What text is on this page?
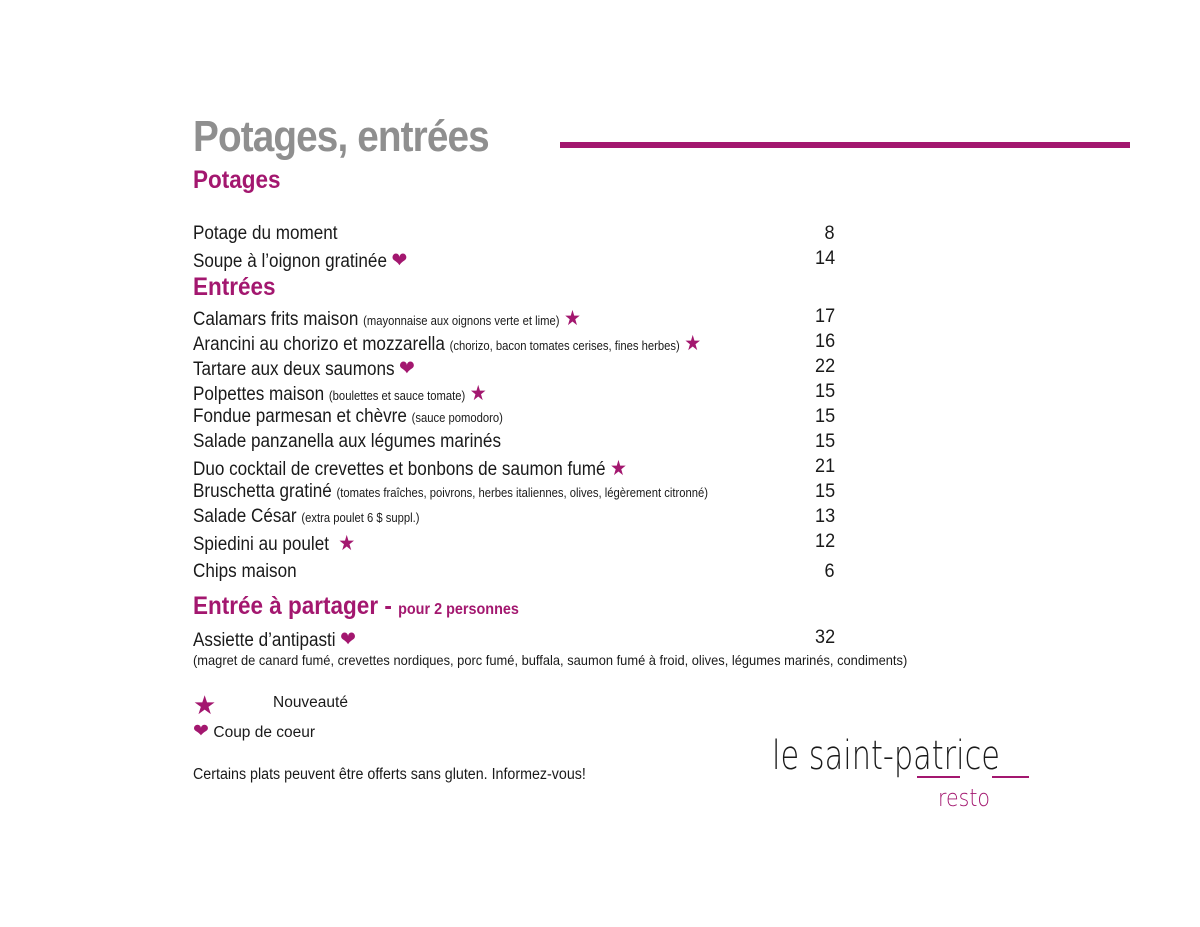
Potages, entrées
Potages
Potage du moment	8
Soupe à l’oignon gratinée ❤	14
Entrées
Calamars frits maison (mayonnaise aux oignons verte et lime) ★	17
Arancini au chorizo et mozzarella (chorizo, bacon tomates cerises, fines herbes) ★	16
Tartare aux deux saumons ❤	22
Polpettes maison (boulettes et sauce tomate) ★	15
Fondue parmesan et chèvre (sauce pomodoro)	15
Salade panzanella aux légumes marinés	15
Duo cocktail de crevettes et bonbons de saumon fumé ★	21
Bruschetta gratiné (tomates fraîches, poivrons, herbes italiennes, olives, légèrement citronné)	15
Salade César (extra poulet 6 $ suppl.)	13
Spiedini au poulet ★	12
Chips maison	6
Entrée à partager - pour 2 personnes
Assiette d’antipasti ❤	32
(magret de canard fumé, crevettes nordiques, porc fumé, buffala, saumon fumé à froid, olives, légumes marinés, condiments)
★	Nouveauté
❤ Coup de coeur
Certains plats peuvent être offerts sans gluten. Informez-vous!	le saint-patrice
resto
